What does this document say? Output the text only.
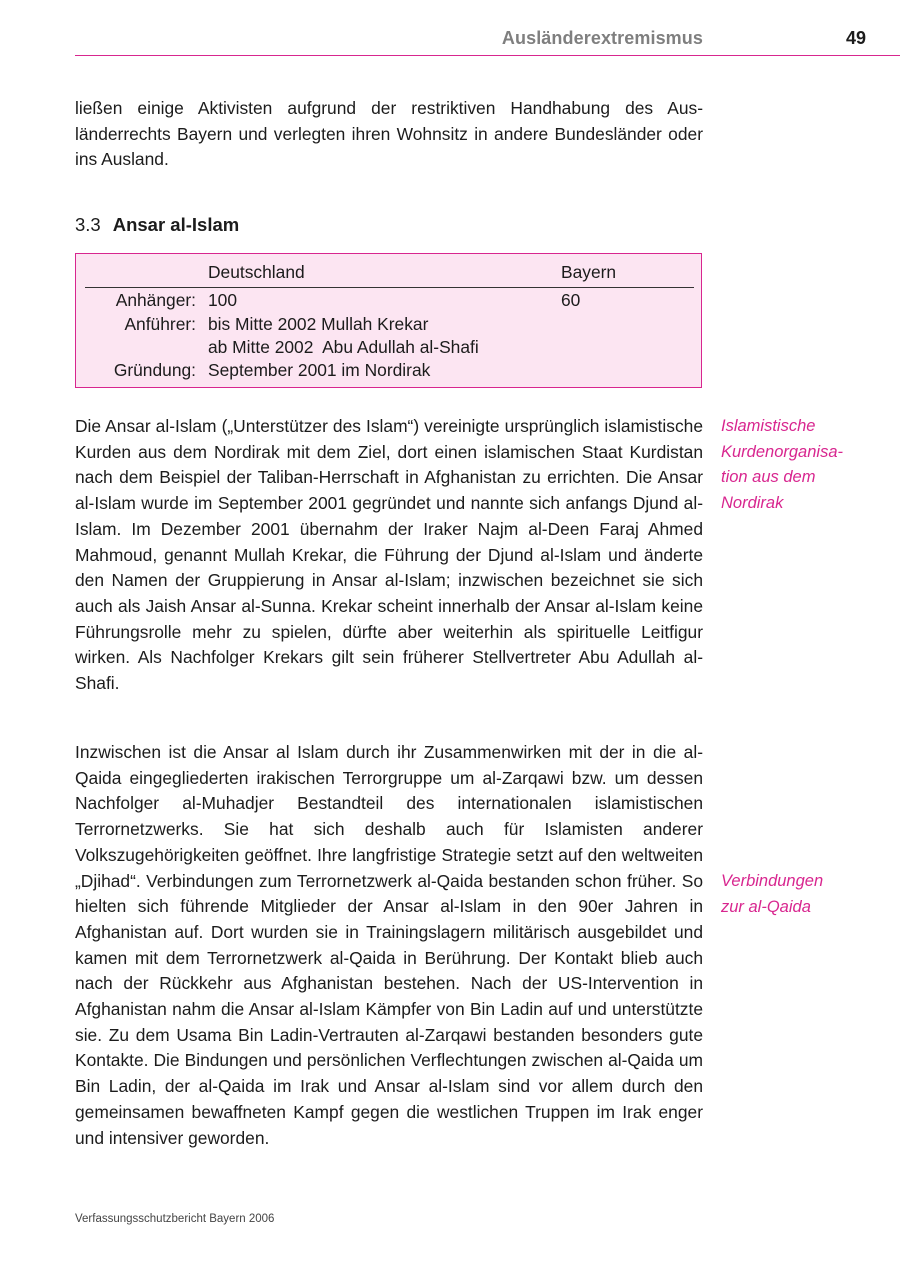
Ausländerextremismus	49

ließen einige Aktivisten aufgrund der restriktiven Handhabung des Ausländerrechts Bayern und verlegten ihren Wohnsitz in andere Bundesländer oder ins Ausland.

3.3 Ansar al-Islam
Deutschland	Bayern
Anhänger: 100	60
Anführer: bis Mitte 2002 Mullah Krekar
ab Mitte 2002  Abu Adullah al-Shafi
Gründung: September 2001 im Nordirak

Die Ansar al-Islam („Unterstützer des Islam“) vereinigte ursprünglich islamistische Kurden aus dem Nordirak mit dem Ziel, dort einen islamischen Staat Kurdistan nach dem Beispiel der Taliban-Herrschaft in Afghanistan zu errichten. Die Ansar al-Islam wurde im September 2001 gegründet und nannte sich anfangs Djund al-Islam. Im Dezember 2001 übernahm der Iraker Najm al-Deen Faraj Ahmed Mahmoud, genannt Mullah Krekar, die Führung der Djund al-Islam und änderte den Namen der Gruppierung in Ansar al-Islam; inzwischen bezeichnet sie sich auch als Jaish Ansar al-Sunna. Krekar scheint innerhalb der Ansar al-Islam keine Führungsrolle mehr zu spielen, dürfte aber weiterhin als spirituelle Leitfigur wirken. Als Nachfolger Krekars gilt sein früherer Stellvertreter Abu Adullah al-Shafi.

Islamistische
Kurdenorganisa-
tion aus dem
Nordirak

Inzwischen ist die Ansar al Islam durch ihr Zusammenwirken mit der in die al-Qaida eingegliederten irakischen Terrorgruppe um al-Zarqawi bzw. um dessen Nachfolger al-Muhadjer Bestandteil des internationalen islamistischen Terrornetzwerks. Sie hat sich deshalb auch für Islamisten anderer Volkszugehörigkeiten geöffnet. Ihre langfristige Strategie setzt auf den weltweiten „Djihad“. Verbindungen zum Terrornetzwerk al-Qaida bestanden schon früher. So hielten sich führende Mitglieder der Ansar al-Islam in den 90er Jahren in Afghanistan auf. Dort wurden sie in Trainingslagern militärisch ausgebildet und kamen mit dem Terrornetzwerk al-Qaida in Berührung. Der Kontakt blieb auch nach der Rückkehr aus Afghanistan bestehen. Nach der US-Intervention in Afghanistan nahm die Ansar al-Islam Kämpfer von Bin Ladin auf und unterstützte sie. Zu dem Usama Bin Ladin-Vertrauten al-Zarqawi bestanden besonders gute Kontakte. Die Bindungen und persönlichen Verflechtungen zwischen al-Qaida um Bin Ladin, der al-Qaida im Irak und Ansar al-Islam sind vor allem durch den gemeinsamen bewaffneten Kampf gegen die westlichen Truppen im Irak enger und intensiver geworden.

Verbindungen
zur al-Qaida

Verfassungsschutzbericht Bayern 2006
